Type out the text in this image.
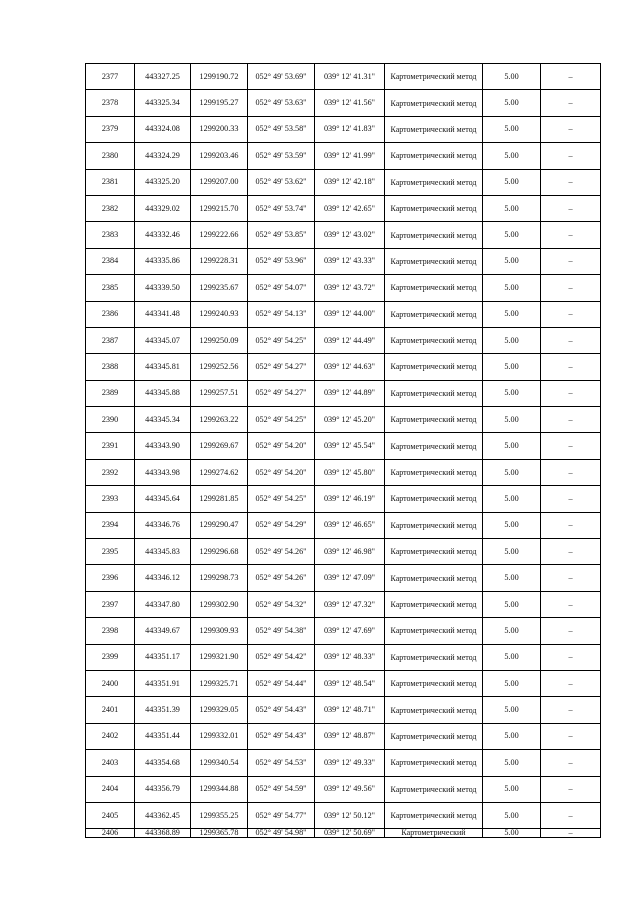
2377	443327.25	1299190.72	052° 49' 53.69"	039° 12' 41.31"	Картометрический метод	5.00	–
2378	443325.34	1299195.27	052° 49' 53.63"	039° 12' 41.56"	Картометрический метод	5.00	–
2379	443324.08	1299200.33	052° 49' 53.58"	039° 12' 41.83"	Картометрический метод	5.00	–
2380	443324.29	1299203.46	052° 49' 53.59"	039° 12' 41.99"	Картометрический метод	5.00	–
2381	443325.20	1299207.00	052° 49' 53.62"	039° 12' 42.18"	Картометрический метод	5.00	–
2382	443329.02	1299215.70	052° 49' 53.74"	039° 12' 42.65"	Картометрический метод	5.00	–
2383	443332.46	1299222.66	052° 49' 53.85"	039° 12' 43.02"	Картометрический метод	5.00	–
2384	443335.86	1299228.31	052° 49' 53.96"	039° 12' 43.33"	Картометрический метод	5.00	–
2385	443339.50	1299235.67	052° 49' 54.07"	039° 12' 43.72"	Картометрический метод	5.00	–
2386	443341.48	1299240.93	052° 49' 54.13"	039° 12' 44.00"	Картометрический метод	5.00	–
2387	443345.07	1299250.09	052° 49' 54.25"	039° 12' 44.49"	Картометрический метод	5.00	–
2388	443345.81	1299252.56	052° 49' 54.27"	039° 12' 44.63"	Картометрический метод	5.00	–
2389	443345.88	1299257.51	052° 49' 54.27"	039° 12' 44.89"	Картометрический метод	5.00	–
2390	443345.34	1299263.22	052° 49' 54.25"	039° 12' 45.20"	Картометрический метод	5.00	–
2391	443343.90	1299269.67	052° 49' 54.20"	039° 12' 45.54"	Картометрический метод	5.00	–
2392	443343.98	1299274.62	052° 49' 54.20"	039° 12' 45.80"	Картометрический метод	5.00	–
2393	443345.64	1299281.85	052° 49' 54.25"	039° 12' 46.19"	Картометрический метод	5.00	–
2394	443346.76	1299290.47	052° 49' 54.29"	039° 12' 46.65"	Картометрический метод	5.00	–
2395	443345.83	1299296.68	052° 49' 54.26"	039° 12' 46.98"	Картометрический метод	5.00	–
2396	443346.12	1299298.73	052° 49' 54.26"	039° 12' 47.09"	Картометрический метод	5.00	–
2397	443347.80	1299302.90	052° 49' 54.32"	039° 12' 47.32"	Картометрический метод	5.00	–
2398	443349.67	1299309.93	052° 49' 54.38"	039° 12' 47.69"	Картометрический метод	5.00	–
2399	443351.17	1299321.90	052° 49' 54.42"	039° 12' 48.33"	Картометрический метод	5.00	–
2400	443351.91	1299325.71	052° 49' 54.44"	039° 12' 48.54"	Картометрический метод	5.00	–
2401	443351.39	1299329.05	052° 49' 54.43"	039° 12' 48.71"	Картометрический метод	5.00	–
2402	443351.44	1299332.01	052° 49' 54.43"	039° 12' 48.87"	Картометрический метод	5.00	–
2403	443354.68	1299340.54	052° 49' 54.53"	039° 12' 49.33"	Картометрический метод	5.00	–
2404	443356.79	1299344.88	052° 49' 54.59"	039° 12' 49.56"	Картометрический метод	5.00	–
2405	443362.45	1299355.25	052° 49' 54.77"	039° 12' 50.12"	Картометрический метод	5.00	–
2406	443368.89	1299365.78	052° 49' 54.98"	039° 12' 50.69"	Картометрический	5.00	–
